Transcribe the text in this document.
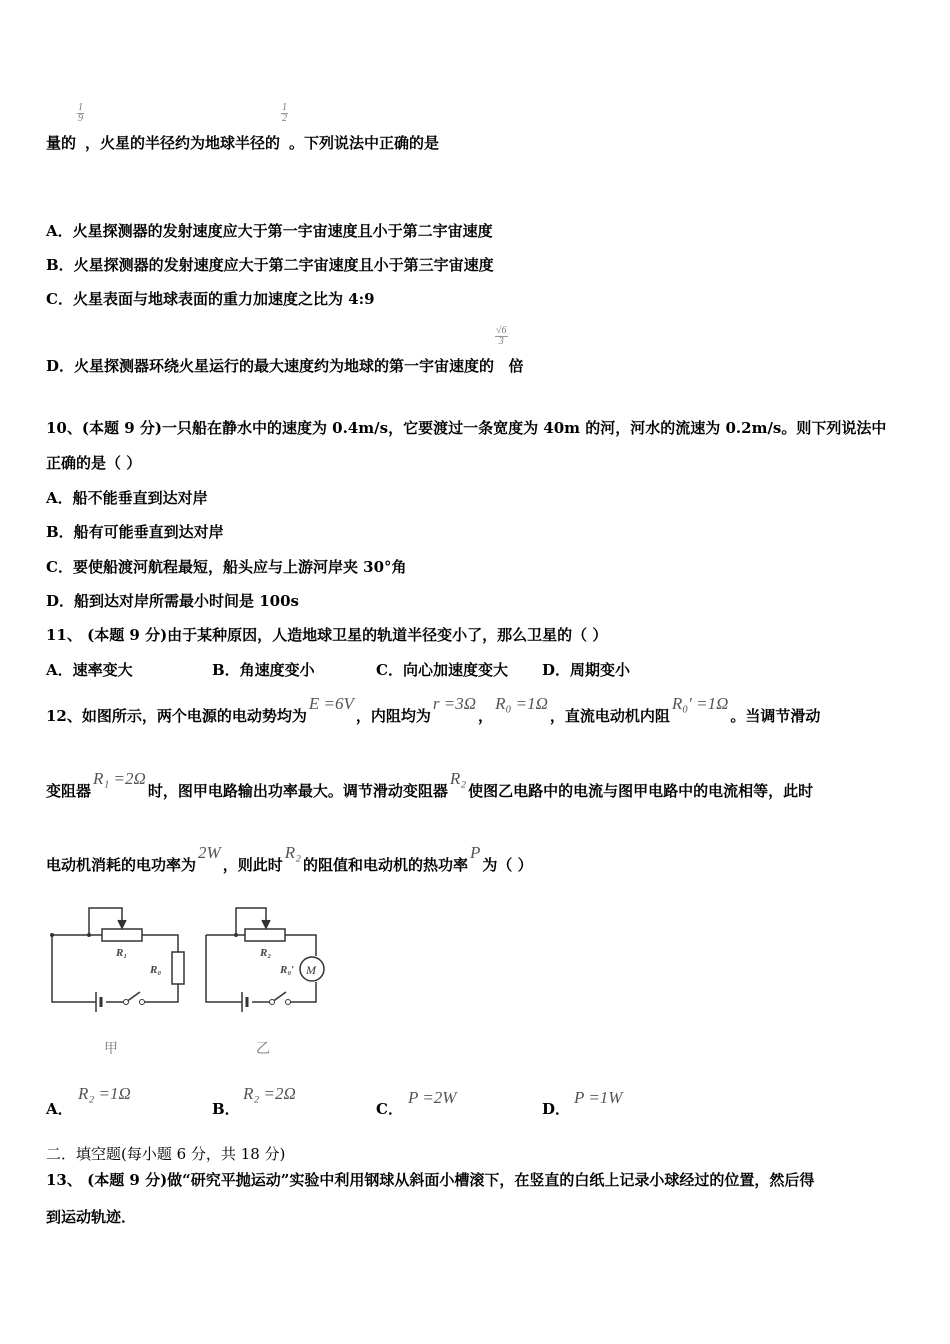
量的
$\frac{1}{9}$
，火星的半径约为地球半径的
$\frac{1}{2}$
。下列说法中正确的是
A．火星探测器的发射速度应大于第一宇宙速度且小于第二宇宙速度
B．火星探测器的发射速度应大于第二宇宙速度且小于第三宇宙速度
C．火星表面与地球表面的重力加速度之比为 4:9
D．火星探测器环绕火星运行的最大速度约为地球的第一宇宙速度的
$\frac{√6}{3}$
倍
10、(本题 9 分)一只船在静水中的速度为 0.4m/s，它要渡过一条宽度为 40m 的河，河水的流速为 0.2m/s。则下列说法中
正确的是（ ）
A．船不能垂直到达对岸
B．船有可能垂直到达对岸
C．要使船渡河航程最短，船头应与上游河岸夹 30°角
D．船到达对岸所需最小时间是 100s
11、 (本题 9 分)由于某种原因，人造地球卫星的轨道半径变小了，那么卫星的（ ）
A．速率变大	B．角速度变小	C．向心加速度变大 D．周期变小
12、如图所示，两个电源的电动势均为E =6V，内阻均为r =3Ω，R₀ =1Ω，直流电动机内阻R₀′ =1Ω。当调节滑动
变阻器R₁ =2Ω时，图甲电路输出功率最大。调节滑动变阻器R₂使图乙电路中的电流与图甲电路中的电流相等，此时
电动机消耗的电功率为2W，则此时R₂的阻值和电动机的热功率P为（ ）
R₁
R₀
甲
R₂
R₀′ M
乙
A．
R₂ =1Ω
B．
R₂ =2Ω
C．
P =2W
D．
P =1W
二．填空题(每小题 6 分，共 18 分)
13、 (本题 9 分)做“研究平抛运动”实验中利用钢球从斜面小槽滚下，在竖直的白纸上记录小球经过的位置，然后得
到运动轨迹．
